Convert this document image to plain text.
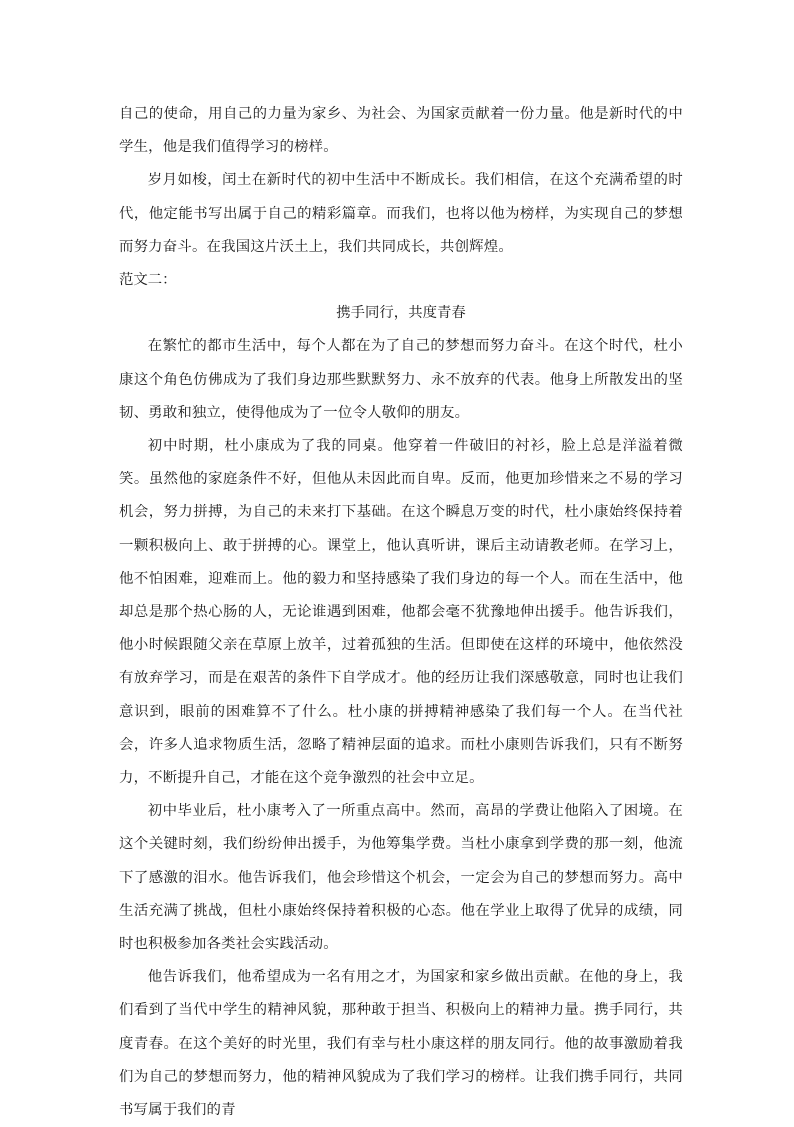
自己的使命，用自己的力量为家乡、为社会、为国家贡献着一份力量。他是新时代的中学生，他是我们值得学习的榜样。

岁月如梭，闰土在新时代的初中生活中不断成长。我们相信，在这个充满希望的时代，他定能书写出属于自己的精彩篇章。而我们，也将以他为榜样，为实现自己的梦想而努力奋斗。在我国这片沃土上，我们共同成长，共创辉煌。

范文二：

携手同行，共度青春

在繁忙的都市生活中，每个人都在为了自己的梦想而努力奋斗。在这个时代，杜小康这个角色仿佛成为了我们身边那些默默努力、永不放弃的代表。他身上所散发出的坚韧、勇敢和独立，使得他成为了一位令人敬仰的朋友。

初中时期，杜小康成为了我的同桌。他穿着一件破旧的衬衫，脸上总是洋溢着微笑。虽然他的家庭条件不好，但他从未因此而自卑。反而，他更加珍惜来之不易的学习机会，努力拼搏，为自己的未来打下基础。在这个瞬息万变的时代，杜小康始终保持着一颗积极向上、敢于拼搏的心。课堂上，他认真听讲，课后主动请教老师。在学习上，他不怕困难，迎难而上。他的毅力和坚持感染了我们身边的每一个人。而在生活中，他却总是那个热心肠的人，无论谁遇到困难，他都会毫不犹豫地伸出援手。他告诉我们，他小时候跟随父亲在草原上放羊，过着孤独的生活。但即使在这样的环境中，他依然没有放弃学习，而是在艰苦的条件下自学成才。他的经历让我们深感敬意，同时也让我们意识到，眼前的困难算不了什么。杜小康的拼搏精神感染了我们每一个人。在当代社会，许多人追求物质生活，忽略了精神层面的追求。而杜小康则告诉我们，只有不断努力，不断提升自己，才能在这个竞争激烈的社会中立足。

初中毕业后，杜小康考入了一所重点高中。然而，高昂的学费让他陷入了困境。在这个关键时刻，我们纷纷伸出援手，为他筹集学费。当杜小康拿到学费的那一刻，他流下了感激的泪水。他告诉我们，他会珍惜这个机会，一定会为自己的梦想而努力。高中生活充满了挑战，但杜小康始终保持着积极的心态。他在学业上取得了优异的成绩，同时也积极参加各类社会实践活动。

他告诉我们，他希望成为一名有用之才，为国家和家乡做出贡献。在他的身上，我们看到了当代中学生的精神风貌，那种敢于担当、积极向上的精神力量。携手同行，共度青春。在这个美好的时光里，我们有幸与杜小康这样的朋友同行。他的故事激励着我们为自己的梦想而努力，他的精神风貌成为了我们学习的榜样。让我们携手同行，共同书写属于我们的青
